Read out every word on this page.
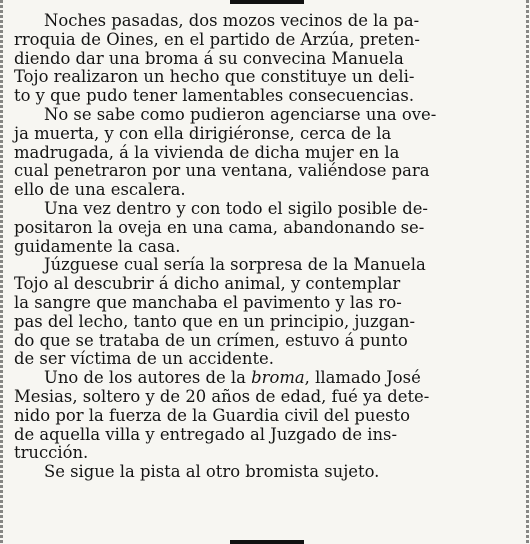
Noches pasadas, dos mozos vecinos de la pa-
rroquia de Oines, en el partido de Arzúa, preten-
diendo dar una broma á su convecina Manuela
Tojo realizaron un hecho que constituye un deli-
to y que pudo tener lamentables consecuencias.

No se sabe como pudieron agenciarse una ove-
ja muerta, y con ella dirigiéronse, cerca de la
madrugada, á la vivienda de dicha mujer en la
cual penetraron por una ventana, valiéndose para
ello de una escalera.

Una vez dentro y con todo el sigilo posible de-
positaron la oveja en una cama, abandonando se-
guidamente la casa.

Júzguese cual sería la sorpresa de la Manuela
Tojo al descubrir á dicho animal, y contemplar
la sangre que manchaba el pavimento y las ro-
pas del lecho, tanto que en un principio, juzgan-
do que se trataba de un crímen, estuvo á punto
de ser víctima de un accidente.

Uno de los autores de la broma, llamado José
Mesias, soltero y de 20 años de edad, fué ya dete-
nido por la fuerza de la Guardia civil del puesto
de aquella villa y entregado al Juzgado de ins-
trucción.

Se sigue la pista al otro bromista sujeto.
